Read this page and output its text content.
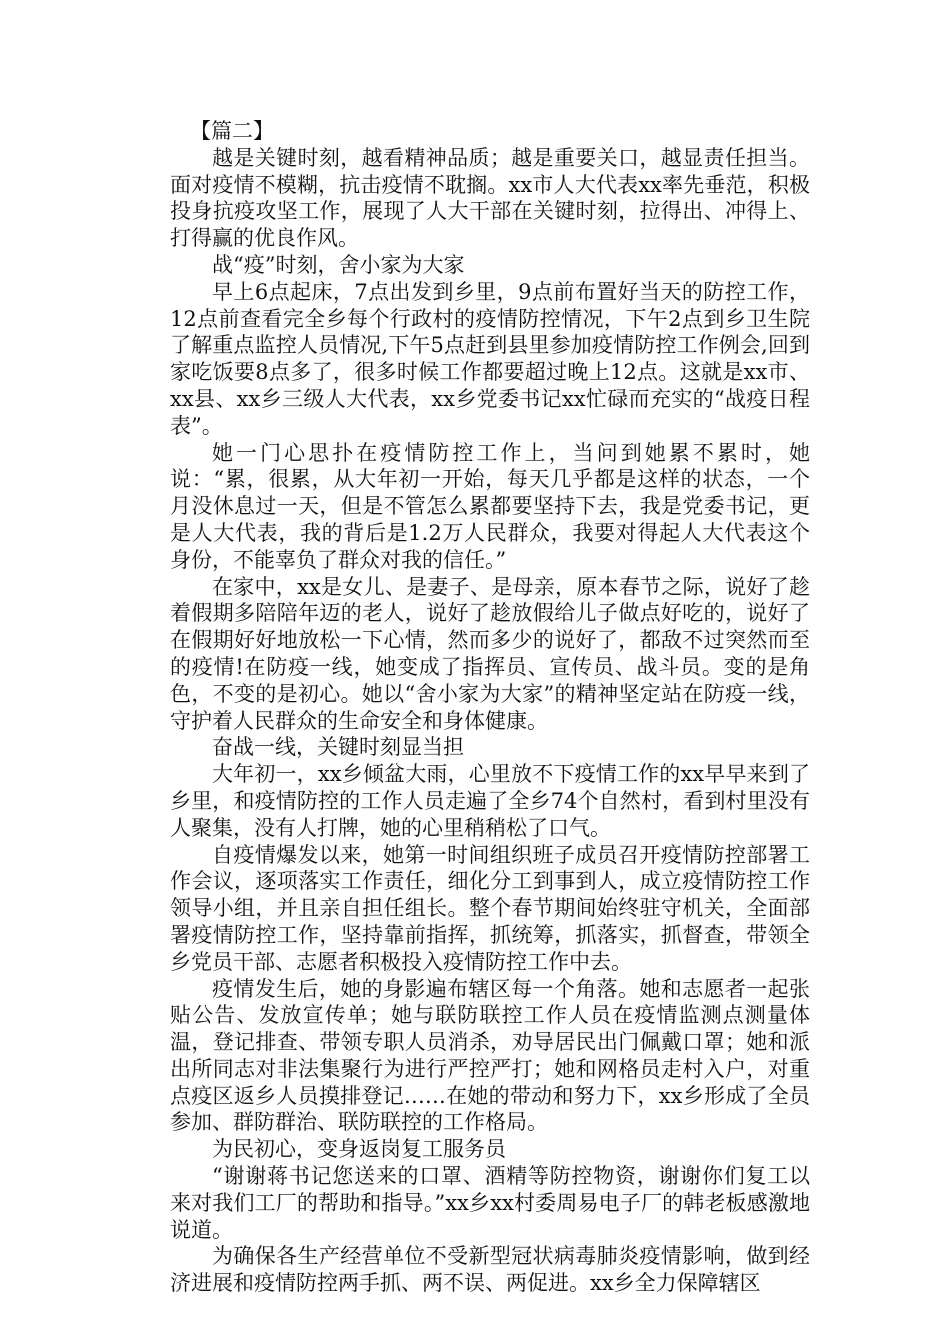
【篇二】

越是关键时刻，越看精神品质；越是重要关口，越显责任担当。面对疫情不模糊，抗击疫情不耽搁。xx市人大代表xx率先垂范，积极投身抗疫攻坚工作，展现了人大干部在关键时刻，拉得出、冲得上、打得赢的优良作风。

战“疫”时刻，舍小家为大家

早上6点起床，7点出发到乡里，9点前布置好当天的防控工作，12点前查看完全乡每个行政村的疫情防控情况，下午2点到乡卫生院了解重点监控人员情况,下午5点赶到县里参加疫情防控工作例会,回到家吃饭要8点多了，很多时候工作都要超过晚上12点。这就是xx市、xx县、xx乡三级人大代表，xx乡党委书记xx忙碌而充实的“战疫日程表”。

她一门心思扑在疫情防控工作上，当问到她累不累时，她说：“累，很累，从大年初一开始，每天几乎都是这样的状态，一个月没休息过一天，但是不管怎么累都要坚持下去，我是党委书记，更是人大代表，我的背后是1.2万人民群众，我要对得起人大代表这个身份，不能辜负了群众对我的信任。”

在家中，xx是女儿、是妻子、是母亲，原本春节之际，说好了趁着假期多陪陪年迈的老人，说好了趁放假给儿子做点好吃的，说好了在假期好好地放松一下心情，然而多少的说好了，都敌不过突然而至的疫情!在防疫一线，她变成了指挥员、宣传员、战斗员。变的是角色，不变的是初心。她以“舍小家为大家”的精神坚定站在防疫一线，守护着人民群众的生命安全和身体健康。

奋战一线，关键时刻显当担

大年初一，xx乡倾盆大雨，心里放不下疫情工作的xx早早来到了乡里，和疫情防控的工作人员走遍了全乡74个自然村，看到村里没有人聚集，没有人打牌，她的心里稍稍松了口气。

自疫情爆发以来，她第一时间组织班子成员召开疫情防控部署工作会议，逐项落实工作责任，细化分工到事到人，成立疫情防控工作领导小组，并且亲自担任组长。整个春节期间始终驻守机关，全面部署疫情防控工作，坚持靠前指挥，抓统筹，抓落实，抓督查，带领全乡党员干部、志愿者积极投入疫情防控工作中去。

疫情发生后，她的身影遍布辖区每一个角落。她和志愿者一起张贴公告、发放宣传单；她与联防联控工作人员在疫情监测点测量体温，登记排查、带领专职人员消杀，劝导居民出门佩戴口罩；她和派出所同志对非法集聚行为进行严控严打；她和网格员走村入户，对重点疫区返乡人员摸排登记……在她的带动和努力下，xx乡形成了全员参加、群防群治、联防联控的工作格局。

为民初心，变身返岗复工服务员

“谢谢蒋书记您送来的口罩、酒精等防控物资，谢谢你们复工以来对我们工厂的帮助和指导。”xx乡xx村委周易电子厂的韩老板感激地说道。

为确保各生产经营单位不受新型冠状病毒肺炎疫情影响，做到经济进展和疫情防控两手抓、两不误、两促进。xx乡全力保障辖区
